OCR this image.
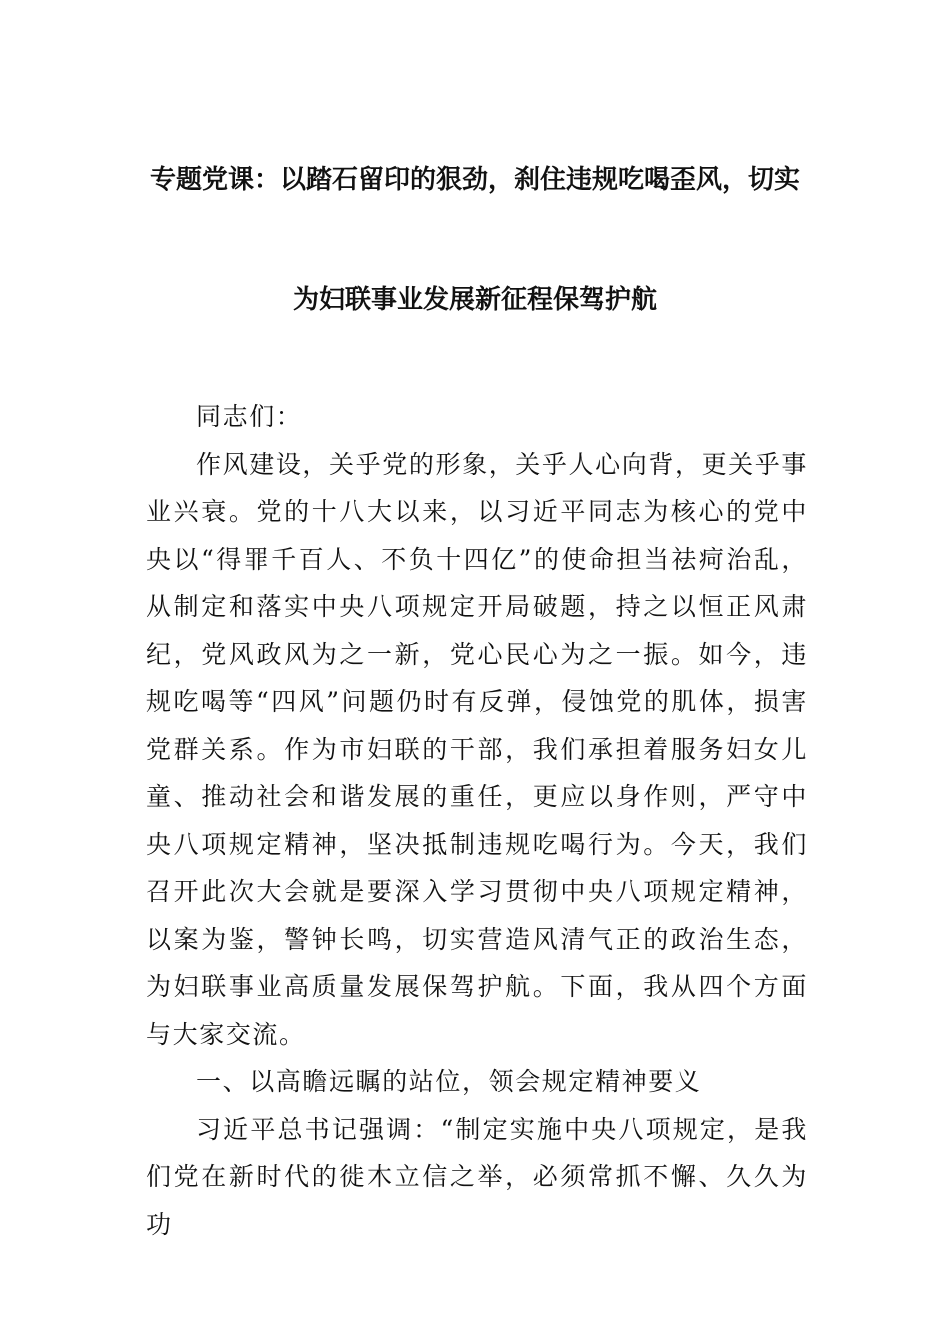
专题党课：以踏石留印的狠劲，刹住违规吃喝歪风，切实
为妇联事业发展新征程保驾护航

同志们：

作风建设，关乎党的形象，关乎人心向背，更关乎事业兴衰。党的十八大以来，以习近平同志为核心的党中央以“得罪千百人、不负十四亿”的使命担当祛疴治乱，从制定和落实中央八项规定开局破题，持之以恒正风肃纪，党风政风为之一新，党心民心为之一振。如今，违规吃喝等“四风”问题仍时有反弹，侵蚀党的肌体，损害党群关系。作为市妇联的干部，我们承担着服务妇女儿童、推动社会和谐发展的重任，更应以身作则，严守中央八项规定精神，坚决抵制违规吃喝行为。今天，我们召开此次大会就是要深入学习贯彻中央八项规定精神，以案为鉴，警钟长鸣，切实营造风清气正的政治生态，为妇联事业高质量发展保驾护航。下面，我从四个方面与大家交流。

一、以高瞻远瞩的站位，领会规定精神要义

习近平总书记强调：“制定实施中央八项规定，是我们党在新时代的徙木立信之举，必须常抓不懈、久久为功
